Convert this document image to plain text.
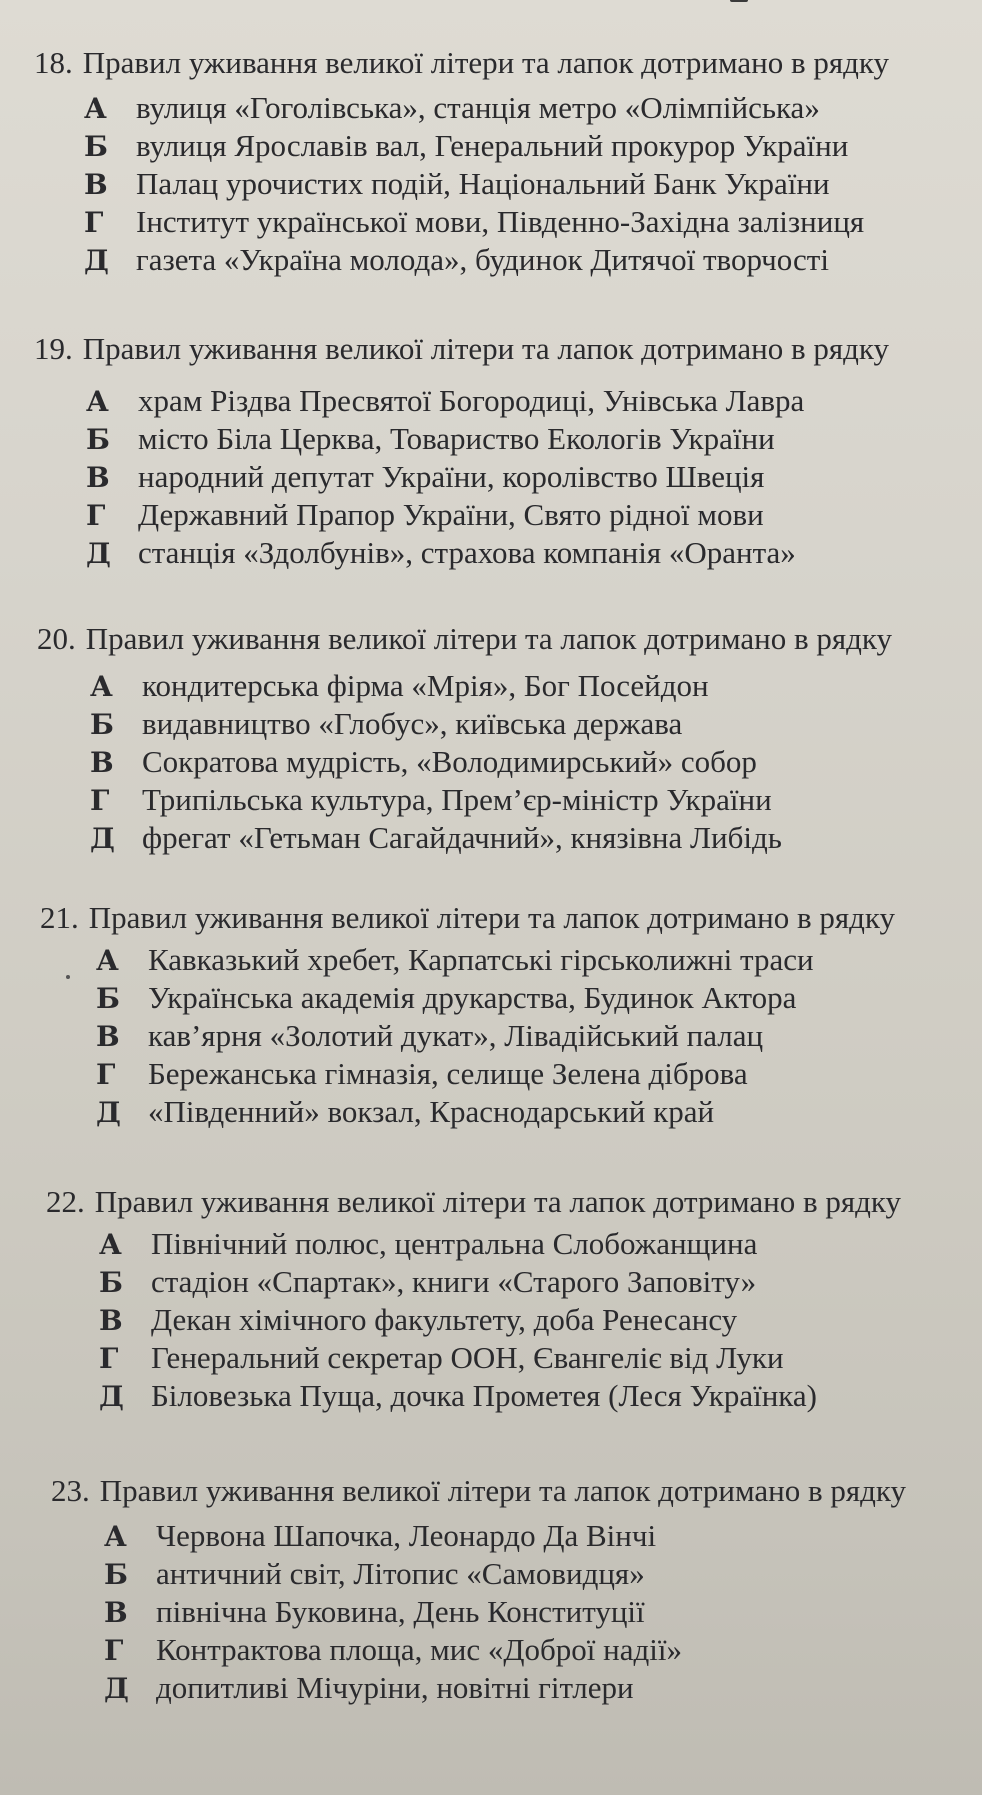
18. Правил уживання великої літери та лапок дотримано в рядку
А вулиця «Гоголівська», станція метро «Олімпійська»
Б вулиця Ярославів вал, Генеральний прокурор України
В Палац урочистих подій, Національний Банк України
Г Інститут української мови, Південно-Західна залізниця
Д газета «Україна молода», будинок Дитячої творчості
19. Правил уживання великої літери та лапок дотримано в рядку
А храм Різдва Пресвятої Богородиці, Унівська Лавра
Б місто Біла Церква, Товариство Екологів України
В народний депутат України, королівство Швеція
Г Державний Прапор України, Свято рідної мови
Д станція «Здолбунів», страхова компанія «Оранта»
20. Правил уживання великої літери та лапок дотримано в рядку
А кондитерська фірма «Мрія», Бог Посейдон
Б видавництво «Глобус», київська держава
В Сократова мудрість, «Володимирський» собор
Г Трипільська культура, Прем’єр-міністр України
Д фрегат «Гетьман Сагайдачний», князівна Либідь
21. Правил уживання великої літери та лапок дотримано в рядку
А Кавказький хребет, Карпатські гірськолижні траси
Б Українська академія друкарства, Будинок Актора
В кав’ярня «Золотий дукат», Лівадійський палац
Г Бережанська гімназія, селище Зелена діброва
Д «Південний» вокзал, Краснодарський край
22. Правил уживання великої літери та лапок дотримано в рядку
А Північний полюс, центральна Слобожанщина
Б стадіон «Спартак», книги «Старого Заповіту»
В Декан хімічного факультету, доба Ренесансу
Г Генеральний секретар ООН, Євангеліє від Луки
Д Біловезька Пуща, дочка Прометея (Леся Українка)
23. Правил уживання великої літери та лапок дотримано в рядку
А Червона Шапочка, Леонардо Да Вінчі
Б античний світ, Літопис «Самовидця»
В північна Буковина, День Конституції
Г Контрактова площа, мис «Доброї надії»
Д допитливі Мічуріни, новітні гітлери
